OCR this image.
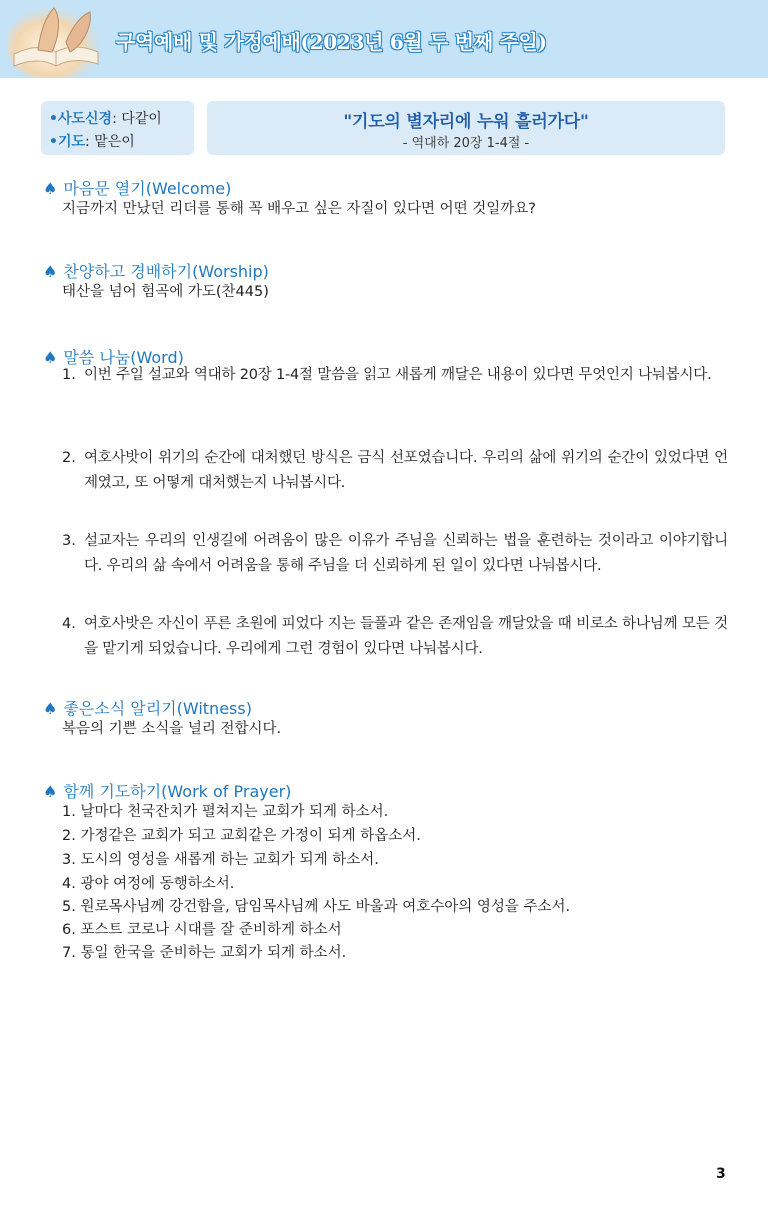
구역예배 및 가정예배(2023년 6월 두 번째 주일)
•사도신경: 다같이
•기도: 맡은이
"기도의 별자리에 누워 흘러가다"
- 역대하 20장 1-4절 -
♠ 마음문 열기(Welcome)
지금까지 만났던 리더를 통해 꼭 배우고 싶은 자질이 있다면 어떤 것일까요?
♠ 찬양하고 경배하기(Worship)
태산을 넘어 험곡에 가도(찬445)
♠ 말씀 나눔(Word)
1. 이번 주일 설교와 역대하 20장 1-4절 말씀을 읽고 새롭게 깨달은 내용이 있다면 무엇인지 나눠봅시다.
2. 여호사밧이 위기의 순간에 대처했던 방식은 금식 선포였습니다. 우리의 삶에 위기의 순간이 있었다면 언제였고, 또 어떻게 대처했는지 나눠봅시다.
3. 설교자는 우리의 인생길에 어려움이 많은 이유가 주님을 신뢰하는 법을 훈련하는 것이라고 이야기합니다. 우리의 삶 속에서 어려움을 통해 주님을 더 신뢰하게 된 일이 있다면 나눠봅시다.
4. 여호사밧은 자신이 푸른 초원에 피었다 지는 들풀과 같은 존재임을 깨달았을 때 비로소 하나님께 모든 것을 맡기게 되었습니다. 우리에게 그런 경험이 있다면 나눠봅시다.
♠ 좋은소식 알리기(Witness)
복음의 기쁜 소식을 널리 전합시다.
♠ 함께 기도하기(Work of Prayer)
1. 날마다 천국잔치가 펼쳐지는 교회가 되게 하소서.
2. 가정같은 교회가 되고 교회같은 가정이 되게 하옵소서.
3. 도시의 영성을 새롭게 하는 교회가 되게 하소서.
4. 광야 여정에 동행하소서.
5. 원로목사님께 강건함을, 담임목사님께 사도 바울과 여호수아의 영성을 주소서.
6. 포스트 코로나 시대를 잘 준비하게 하소서
7. 통일 한국을 준비하는 교회가 되게 하소서.
3
